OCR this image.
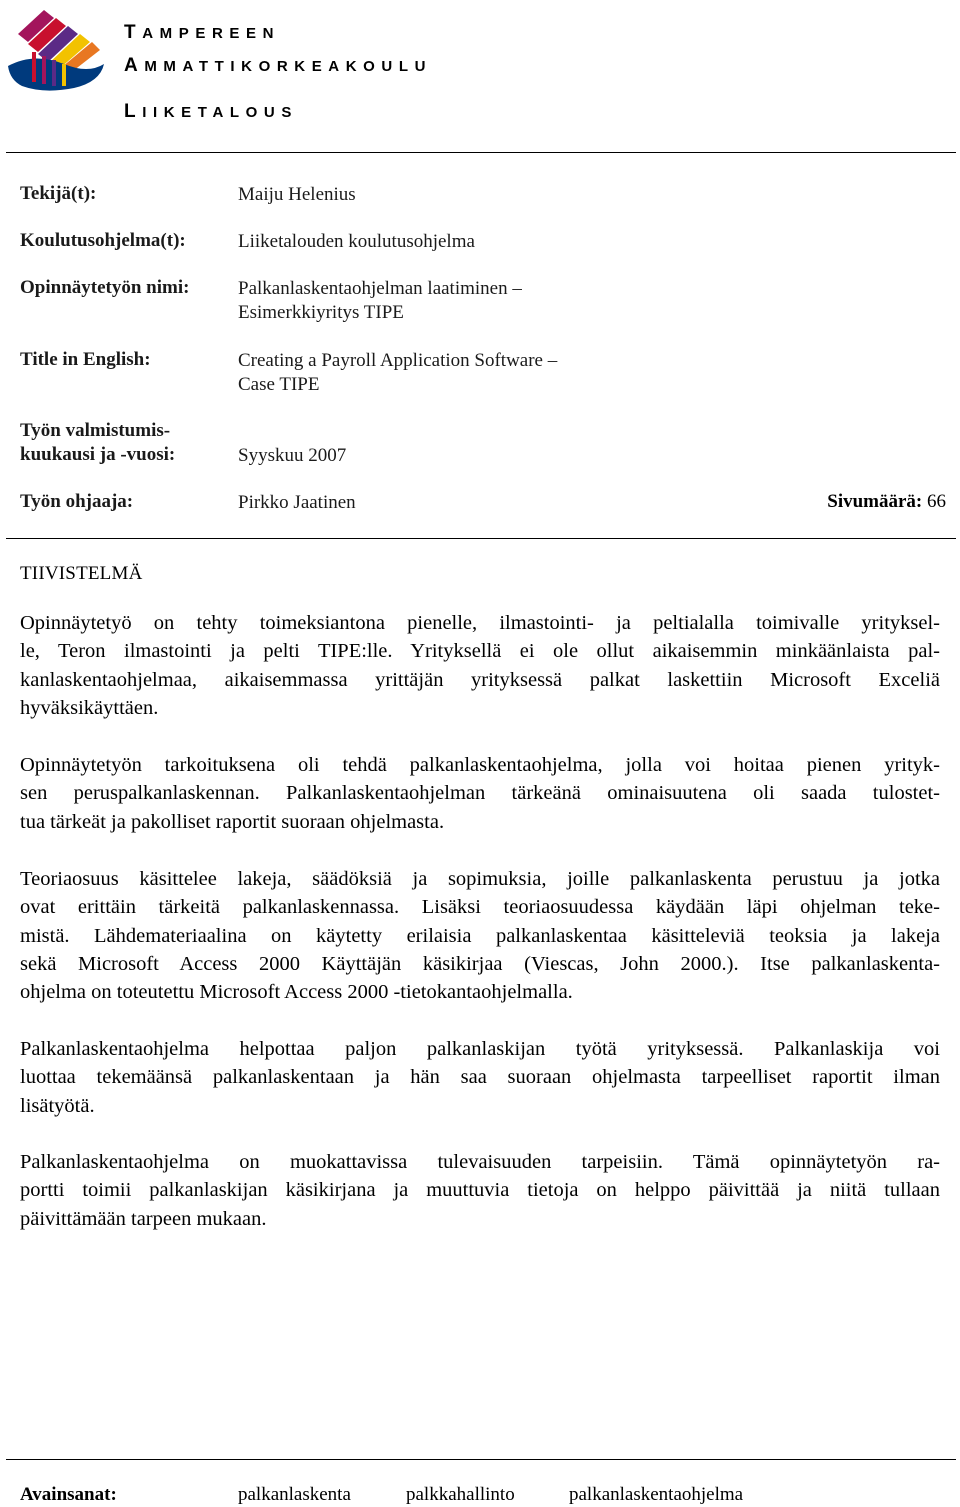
TAMPEREEN
AMMATTIKORKEAKOULU
LIIKETALOUS
Tekijä(t):	Maiju Helenius
Koulutusohjelma(t):	Liiketalouden koulutusohjelma
Opinnäytetyön nimi:	Palkanlaskentaohjelman laatiminen –
Esimerkkiyritys TIPE
Title in English:	Creating a Payroll Application Software –
Case TIPE
Työn valmistumis-
kuukausi ja -vuosi:	Syyskuu 2007
Työn ohjaaja:	Pirkko Jaatinen	Sivumäärä: 66
TIIVISTELMÄ
Opinnäytetyö on tehty toimeksiantona pienelle, ilmastointi- ja peltialalla toimivalle yrityksel-
le, Teron ilmastointi ja pelti TIPE:lle. Yrityksellä ei ole ollut aikaisemmin minkäänlaista pal-
kanlaskentaohjelmaa, aikaisemmassa yrittäjän yrityksessä palkat laskettiin Microsoft Exceliä
hyväksikäyttäen.
Opinnäytetyön tarkoituksena oli tehdä palkanlaskentaohjelma, jolla voi hoitaa pienen yrityk-
sen peruspalkanlaskennan. Palkanlaskentaohjelman tärkeänä ominaisuutena oli saada tulostet-
tua tärkeät ja pakolliset raportit suoraan ohjelmasta.
Teoriaosuus käsittelee lakeja, säädöksiä ja sopimuksia, joille palkanlaskenta perustuu ja jotka
ovat erittäin tärkeitä palkanlaskennassa. Lisäksi teoriaosuudessa käydään läpi ohjelman teke-
mistä. Lähdemateriaalina on käytetty erilaisia palkanlaskentaa käsitteleviä teoksia ja lakeja
sekä Microsoft Access 2000 Käyttäjän käsikirjaa (Viescas, John 2000.). Itse palkanlaskenta-
ohjelma on toteutettu Microsoft Access 2000 -tietokantaohjelmalla.
Palkanlaskentaohjelma helpottaa paljon palkanlaskijan työtä yrityksessä. Palkanlaskija voi
luottaa tekemäänsä palkanlaskentaan ja hän saa suoraan ohjelmasta tarpeelliset raportit ilman
lisätyötä.
Palkanlaskentaohjelma on muokattavissa tulevaisuuden tarpeisiin. Tämä opinnäytetyön ra-
portti toimii palkanlaskijan käsikirjana ja muuttuvia tietoja on helppo päivittää ja niitä tullaan
päivittämään tarpeen mukaan.
Avainsanat:	palkanlaskenta	palkkahallinto	palkanlaskentaohjelma
